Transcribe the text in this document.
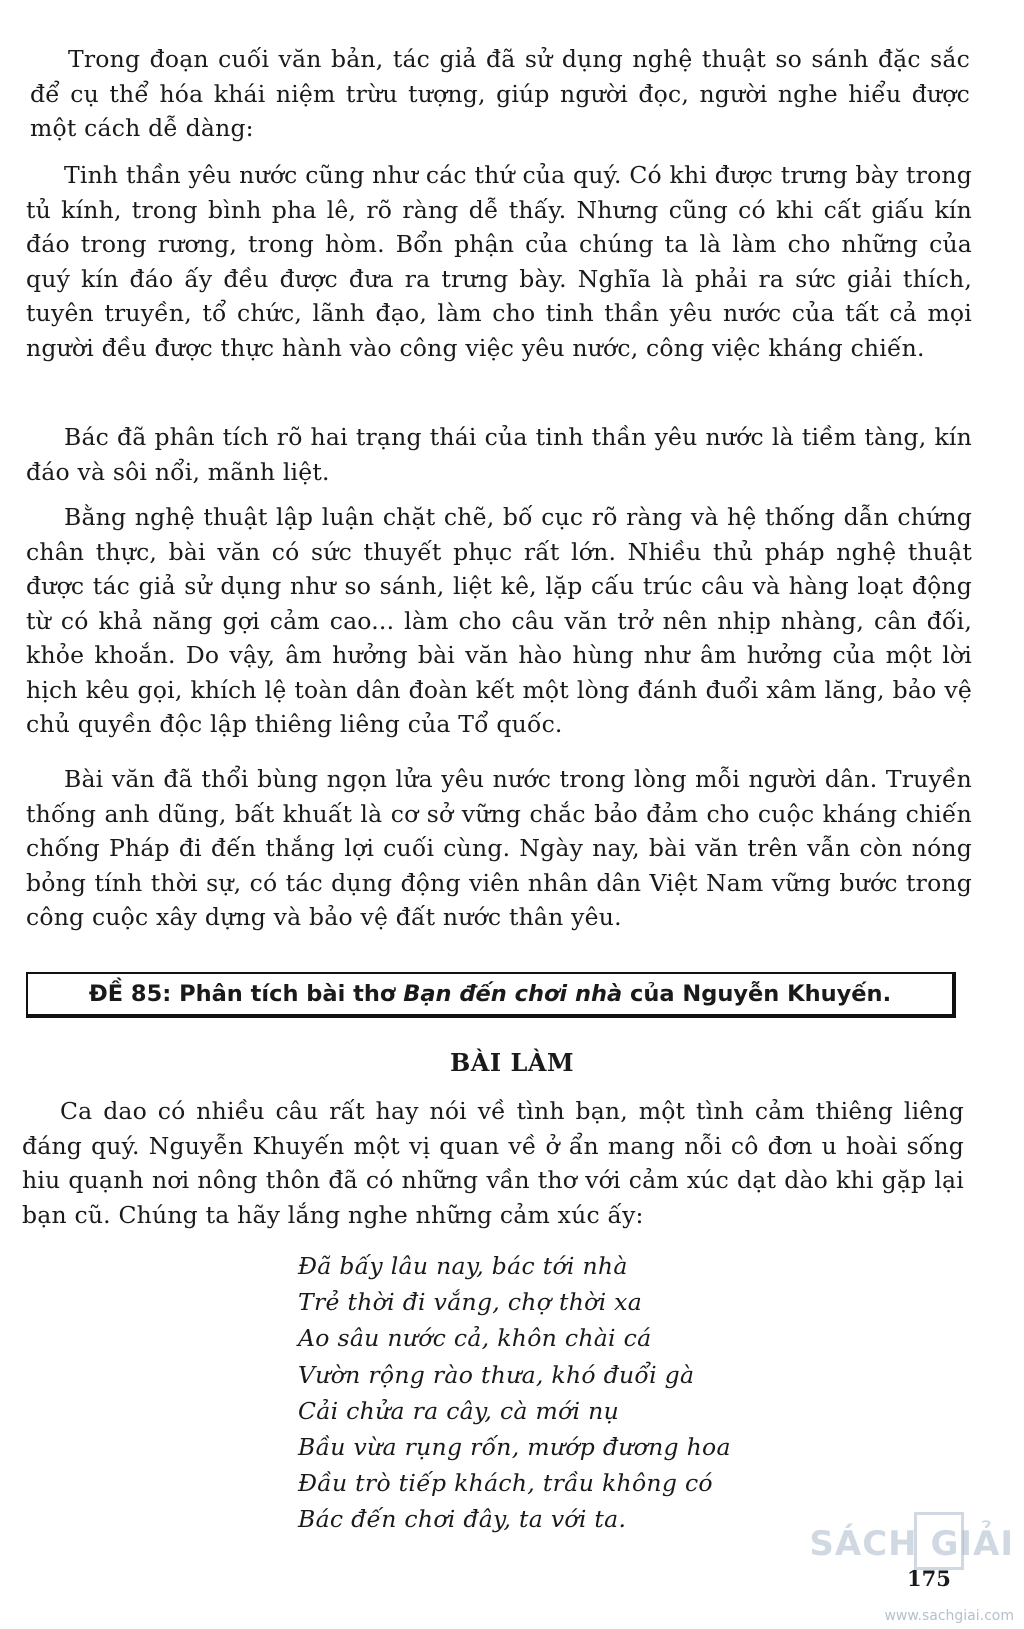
Trong đoạn cuối văn bản, tác giả đã sử dụng nghệ thuật so sánh đặc sắc để cụ thể hóa khái niệm trừu tượng, giúp người đọc, người nghe hiểu được một cách dễ dàng:

Tinh thần yêu nước cũng như các thứ của quý. Có khi được trưng bày trong tủ kính, trong bình pha lê, rõ ràng dễ thấy. Nhưng cũng có khi cất giấu kín đáo trong rương, trong hòm. Bổn phận của chúng ta là làm cho những của quý kín đáo ấy đều được đưa ra trưng bày. Nghĩa là phải ra sức giải thích, tuyên truyền, tổ chức, lãnh đạo, làm cho tinh thần yêu nước của tất cả mọi người đều được thực hành vào công việc yêu nước, công việc kháng chiến.

Bác đã phân tích rõ hai trạng thái của tinh thần yêu nước là tiềm tàng, kín đáo và sôi nổi, mãnh liệt.

Bằng nghệ thuật lập luận chặt chẽ, bố cục rõ ràng và hệ thống dẫn chứng chân thực, bài văn có sức thuyết phục rất lớn. Nhiều thủ pháp nghệ thuật được tác giả sử dụng như so sánh, liệt kê, lặp cấu trúc câu và hàng loạt động từ có khả năng gợi cảm cao... làm cho câu văn trở nên nhịp nhàng, cân đối, khỏe khoắn. Do vậy, âm hưởng bài văn hào hùng như âm hưởng của một lời hịch kêu gọi, khích lệ toàn dân đoàn kết một lòng đánh đuổi xâm lăng, bảo vệ chủ quyền độc lập thiêng liêng của Tổ quốc.

Bài văn đã thổi bùng ngọn lửa yêu nước trong lòng mỗi người dân. Truyền thống anh dũng, bất khuất là cơ sở vững chắc bảo đảm cho cuộc kháng chiến chống Pháp đi đến thắng lợi cuối cùng. Ngày nay, bài văn trên vẫn còn nóng bỏng tính thời sự, có tác dụng động viên nhân dân Việt Nam vững bước trong công cuộc xây dựng và bảo vệ đất nước thân yêu.

ĐỀ 85:
Phân tích bài thơ
Bạn đến chơi nhà
của Nguyễn Khuyến.
BÀI LÀM

Ca dao có nhiều câu rất hay nói về tình bạn, một tình cảm thiêng liêng đáng quý. Nguyễn Khuyến một vị quan về ở ẩn mang nỗi cô đơn u hoài sống hiu quạnh nơi nông thôn đã có những vần thơ với cảm xúc dạt dào khi gặp lại bạn cũ. Chúng ta hãy lắng nghe những cảm xúc ấy:

Đã bấy lâu nay, bác tới nhà
Trẻ thời đi vắng, chợ thời xa
Ao sâu nước cả, khôn chài cá
Vườn rộng rào thưa, khó đuổi gà
Cải chửa ra cây, cà mới nụ
Bầu vừa rụng rốn, mướp đương hoa
Đầu trò tiếp khách, trầu không có
Bác đến chơi đây, ta với ta.
SÁCH GIẢI
www.sachgiai.com
175
